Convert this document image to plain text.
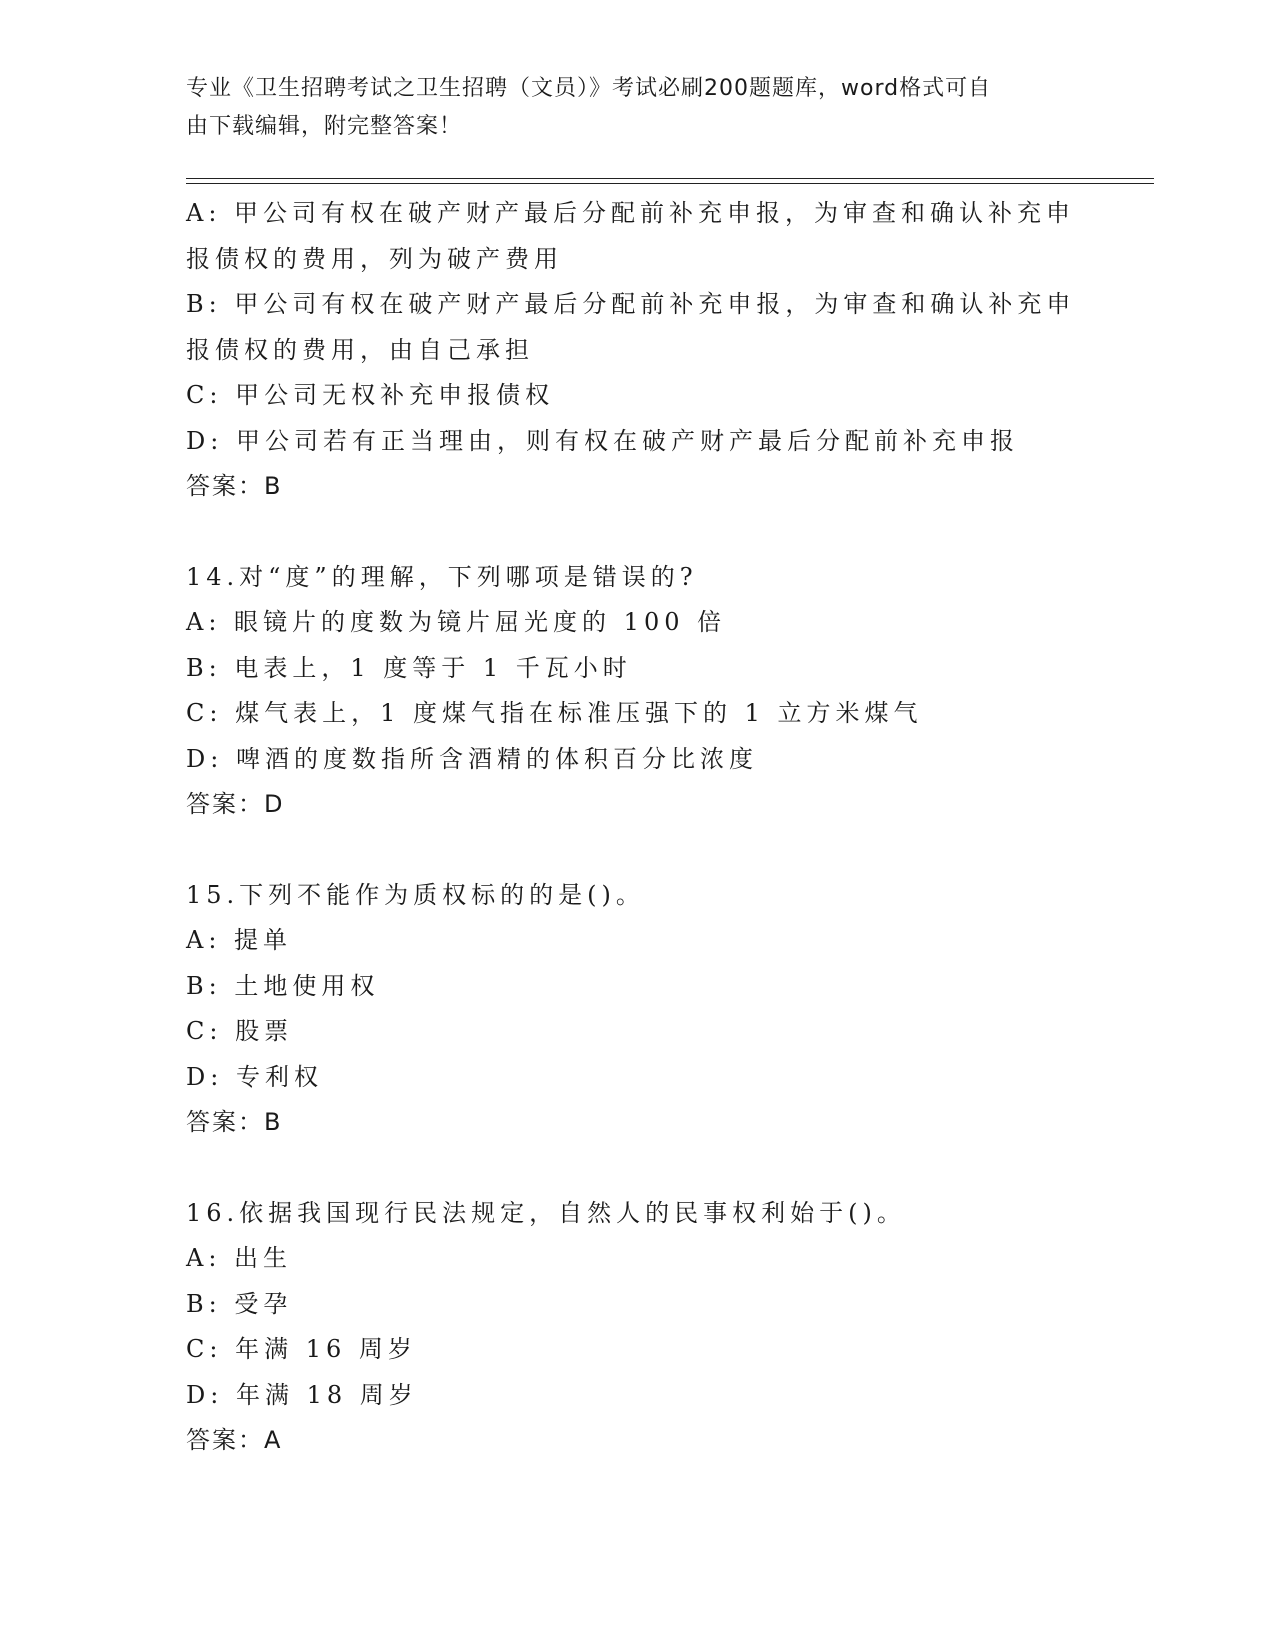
专业《卫生招聘考试之卫生招聘（文员）》考试必刷200题题库，word格式可自
由下载编辑，附完整答案！
A: 甲公司有权在破产财产最后分配前补充申报，为审查和确认补充申
报债权的费用，列为破产费用
B: 甲公司有权在破产财产最后分配前补充申报，为审查和确认补充申
报债权的费用，由自己承担
C: 甲公司无权补充申报债权
D: 甲公司若有正当理由，则有权在破产财产最后分配前补充申报
答案：B
14.对“度”的理解，下列哪项是错误的?
A: 眼镜片的度数为镜片屈光度的 100 倍
B: 电表上，1 度等于 1 千瓦小时
C: 煤气表上，1 度煤气指在标准压强下的 1 立方米煤气
D: 啤酒的度数指所含酒精的体积百分比浓度
答案：D
15.下列不能作为质权标的的是()。
A: 提单
B: 土地使用权
C: 股票
D: 专利权
答案：B
16.依据我国现行民法规定，自然人的民事权利始于()。
A: 出生
B: 受孕
C: 年满 16 周岁
D: 年满 18 周岁
答案：A
